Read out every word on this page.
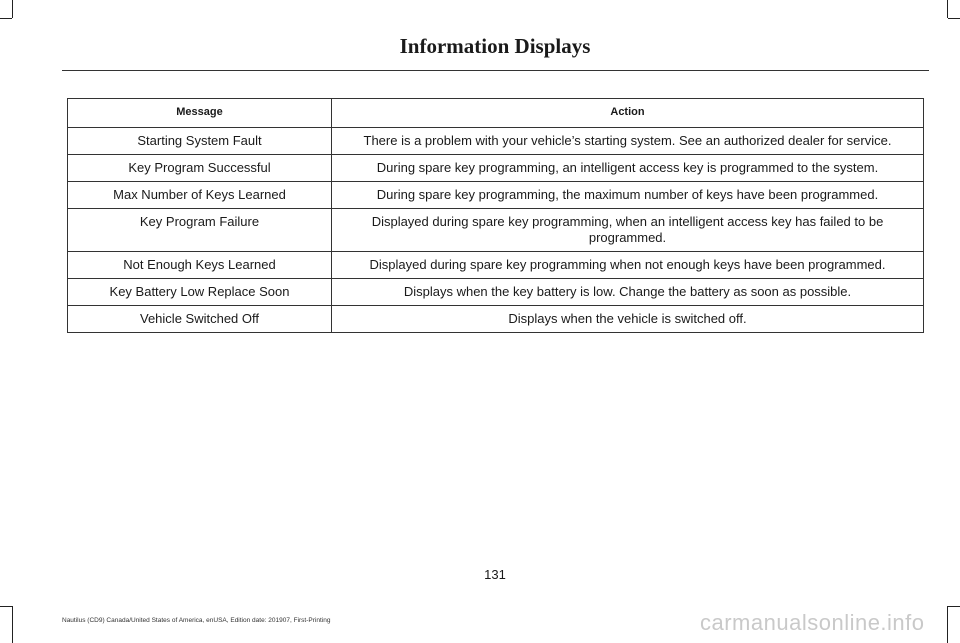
Information Displays
Message	Action
Starting System Fault	There is a problem with your vehicle’s starting system. See an authorized dealer for service.
Key Program Successful	During spare key programming, an intelligent access key is programmed to the system.
Max Number of Keys Learned	During spare key programming, the maximum number of keys have been programmed.
Key Program Failure	Displayed during spare key programming, when an intelligent access key has failed to be programmed.
Not Enough Keys Learned	Displayed during spare key programming when not enough keys have been programmed.
Key Battery Low Replace Soon	Displays when the key battery is low. Change the battery as soon as possible.
Vehicle Switched Off	Displays when the vehicle is switched off.
131
Nautilus (CD9) Canada/United States of America, enUSA, Edition date: 201907, First-Printing	carmanualsonline.info
